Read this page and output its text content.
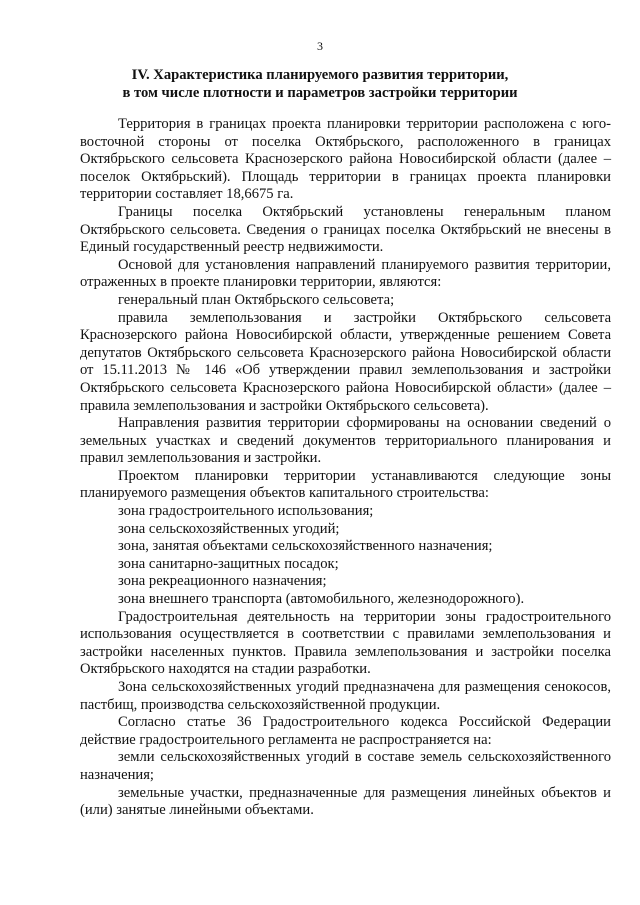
3
IV. Характеристика планируемого развития территории,
в том числе плотности и параметров застройки территории

Территория в границах проекта планировки территории расположена с юго-восточной стороны от поселка Октябрьского, расположенного в границах Октябрьского сельсовета Краснозерского района Новосибирской области (далее – поселок Октябрьский). Площадь территории в границах проекта планировки территории составляет 18,6675 га.

Границы поселка Октябрьский установлены генеральным планом Октябрьского сельсовета. Сведения о границах поселка Октябрьский не внесены в Единый государственный реестр недвижимости.

Основой для установления направлений планируемого развития территории, отраженных в проекте планировки территории, являются:

генеральный план Октябрьского сельсовета;

правила землепользования и застройки Октябрьского сельсовета Краснозерского района Новосибирской области, утвержденные решением Совета депутатов Октябрьского сельсовета Краснозерского района Новосибирской области от 15.11.2013 № 146 «Об утверждении правил землепользования и застройки Октябрьского сельсовета Краснозерского района Новосибирской области» (далее – правила землепользования и застройки Октябрьского сельсовета).

Направления развития территории сформированы на основании сведений о земельных участках и сведений документов территориального планирования и правил землепользования и застройки.

Проектом планировки территории устанавливаются следующие зоны планируемого размещения объектов капитального строительства:

зона градостроительного использования;

зона сельскохозяйственных угодий;

зона, занятая объектами сельскохозяйственного назначения;

зона санитарно-защитных посадок;

зона рекреационного назначения;

зона внешнего транспорта (автомобильного, железнодорожного).

Градостроительная деятельность на территории зоны градостроительного использования осуществляется в соответствии с правилами землепользования и застройки населенных пунктов. Правила землепользования и застройки поселка Октябрьского находятся на стадии разработки.

Зона сельскохозяйственных угодий предназначена для размещения сенокосов, пастбищ, производства сельскохозяйственной продукции.

Согласно статье 36 Градостроительного кодекса Российской Федерации действие градостроительного регламента не распространяется на:

земли сельскохозяйственных угодий в составе земель сельскохозяйственного назначения;

земельные участки, предназначенные для размещения линейных объектов и (или) занятые линейными объектами.
